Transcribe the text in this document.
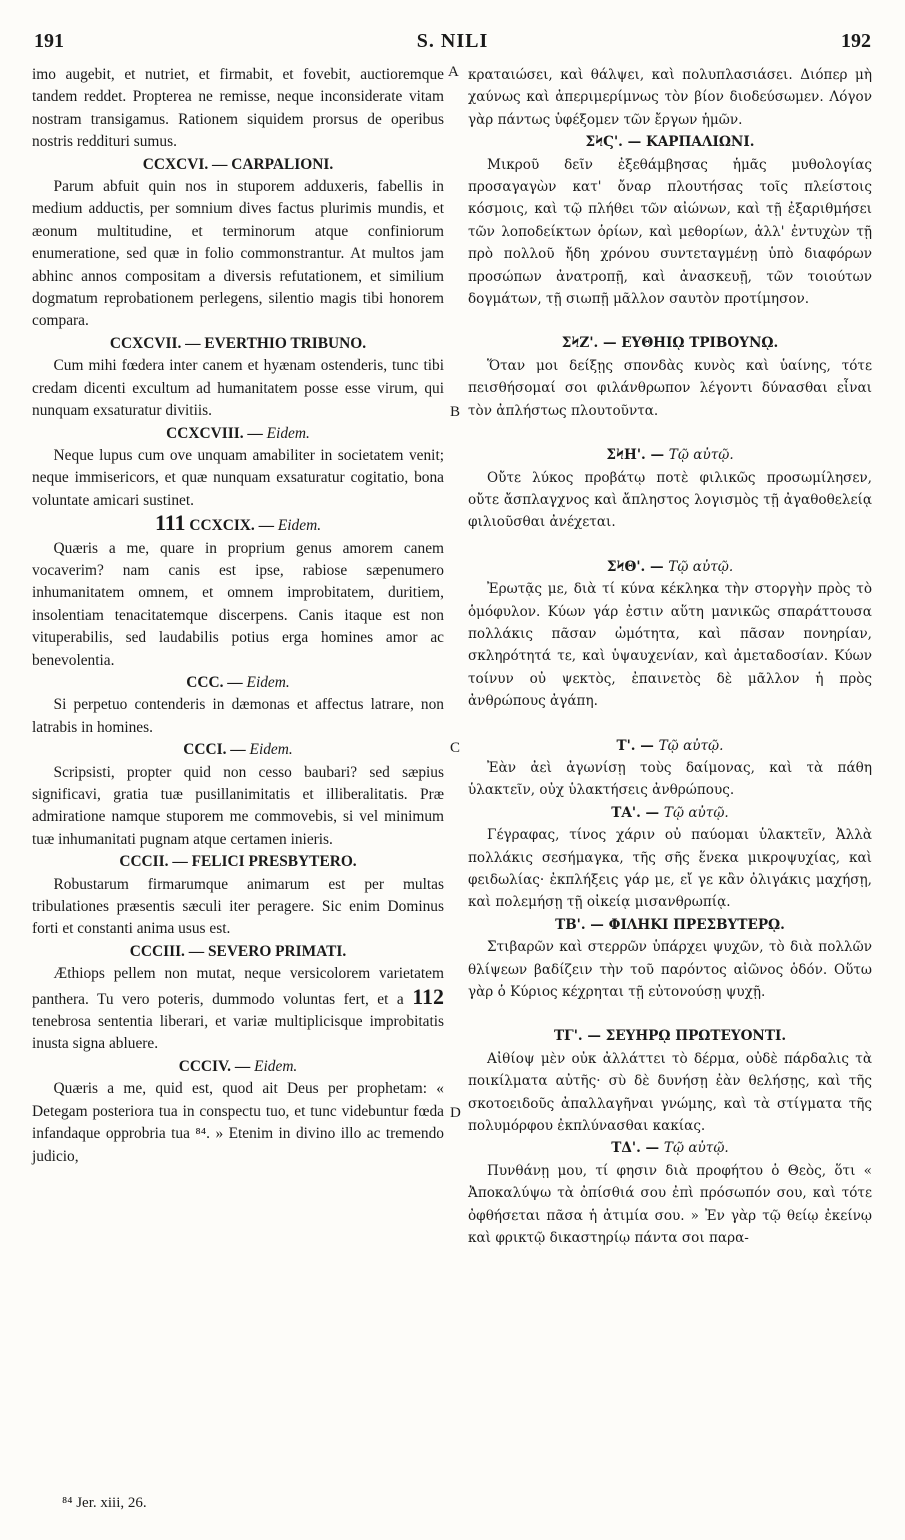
191	S. NILI	192

imo augebit, et nutriet, et firmabit, et fovebit, auctioremque tandem reddet. Propterea ne remisse, neque inconsiderate vitam nostram transigamus. Rationem siquidem prorsus de operibus nostris reddituri sumus.

CCXCVI. — CARPALIONI.

Parum abfuit quin nos in stuporem adduxeris, fabellis in medium adductis, per somnium dives factus plurimis mundis, et æonum multitudine, et terminorum atque confiniorum enumeratione, sed quæ in folio commonstrantur. At multos jam abhinc annos compositam a diversis refutationem, et similium dogmatum reprobationem perlegens, silentio magis tibi honorem compara.

CCXCVII. — EVERTHIO TRIBUNO.

Cum mihi fœdera inter canem et hyænam ostenderis, tunc tibi credam dicenti excultum ad humanitatem posse esse virum, qui nunquam exsaturatur divitiis.

CCXCVIII. — Eidem.

Neque lupus cum ove unquam amabiliter in societatem venit; neque immisericors, et quæ nunquam exsaturatur cogitatio, bona voluntate amicari sustinet.

111 CCXCIX. — Eidem.

Quæris a me, quare in proprium genus amorem canem vocaverim? nam canis est ipse, rabiose sæpenumero inhumanitatem omnem, et omnem improbitatem, duritiem, insolentiam tenacitatemque discerpens. Canis itaque est non vituperabilis, sed laudabilis potius erga homines amor ac benevolentia.

CCC. — Eidem.

Si perpetuo contenderis in dæmonas et affectus latrare, non latrabis in homines.

CCCI. — Eidem.

Scripsisti, propter quid non cesso baubari? sed sæpius significavi, gratia tuæ pusillanimitatis et illiberalitatis. Præ admiratione namque stuporem me commovebis, si vel minimum tuæ inhumanitati pugnam atque certamen inieris.

CCCII. — FELICI PRESBYTERO.

Robustarum firmarumque animarum est per multas tribulationes præsentis sæculi iter peragere. Sic enim Dominus forti et constanti anima usus est.

CCCIII. — SEVERO PRIMATI.

Æthiops pellem non mutat, neque versicolorem varietatem panthera. Tu vero poteris, dummodo voluntas fert, et a 112 tenebrosa sententia liberari, et variæ multiplicisque improbitatis inusta signa abluere.

CCCIV. — Eidem.

Quæris a me, quid est, quod ait Deus per prophetam: « Detegam posteriora tua in conspectu tuo, et tunc videbuntur fœda infandaque opprobria tua ⁸⁴. » Etenim in divino illo ac tremendo judicio,

κραταιώσει, καὶ θάλψει, καὶ πολυπλασιάσει. Διόπερ μὴ χαύνως καὶ ἀπεριμερίμνως τὸν βίον διοδεύσωμεν. Λόγον γὰρ πάντως ὑφέξομεν τῶν ἔργων ἡμῶν.

ΣϞϚ'. — ΚΑΡΠΑΛΙΩΝΙ.

Μικροῦ δεῖν ἐξεθάμβησας ἡμᾶς μυθολογίας προσαγαγὼν κατ' ὄναρ πλουτήσας τοῖς πλείστοις κόσμοις, καὶ τῷ πλήθει τῶν αἰώνων, καὶ τῇ ἐξαριθμήσει τῶν λοποδείκτων ὁρίων, καὶ μεθορίων, ἀλλ' ἐντυχὼν τῇ πρὸ πολλοῦ ἤδη χρόνου συντεταγμένῃ ὑπὸ διαφόρων προσώπων ἀνατροπῇ, καὶ ἀνασκευῇ, τῶν τοιούτων δογμάτων, τῇ σιωπῇ μᾶλλον σαυτὸν προτίμησον.

ΣϞΖ'. — ΕΥΘΗΙῼ ΤΡΙΒΟΥΝῼ.

Ὅταν μοι δείξῃς σπονδὰς κυνὸς καὶ ὑαίνης, τότε πεισθήσομαί σοι φιλάνθρωπον λέγοντι δύνασθαι εἶναι τὸν ἀπλήστως πλουτοῦντα.

ΣϞΗ'. — Τῷ αὐτῷ.

Οὔτε λύκος προβάτῳ ποτὲ φιλικῶς προσωμίλησεν, οὔτε ἄσπλαγχνος καὶ ἄπληστος λογισμὸς τῇ ἀγαθοθελείᾳ φιλιοῦσθαι ἀνέχεται.

ΣϞΘ'. — Τῷ αὐτῷ.

Ἐρωτᾷς με, διὰ τί κύνα κέκληκα τὴν στοργὴν πρὸς τὸ ὁμόφυλον. Κύων γάρ ἐστιν αὕτη μανικῶς σπαράττουσα πολλάκις πᾶσαν ὠμότητα, καὶ πᾶσαν πονηρίαν, σκληρότητά τε, καὶ ὑψαυχενίαν, καὶ ἀμεταδοσίαν. Κύων τοίνυν οὐ ψεκτὸς, ἐπαινετὸς δὲ μᾶλλον ἡ πρὸς ἀνθρώπους ἀγάπη.

Τ'. — Τῷ αὐτῷ.

Ἐὰν ἀεὶ ἀγωνίσῃ τοὺς δαίμονας, καὶ τὰ πάθη ὑλακτεῖν, οὐχ ὑλακτήσεις ἀνθρώπους.

ΤΑ'. — Τῷ αὐτῷ.

Γέγραφας, τίνος χάριν οὐ παύομαι ὑλακτεῖν, Ἀλλὰ πολλάκις σεσήμαγκα, τῆς σῆς ἕνεκα μικροψυχίας, καὶ φειδωλίας· ἐκπλήξεις γάρ με, εἴ γε κἂν ὀλιγάκις μαχήσῃ, καὶ πολεμήσῃ τῇ οἰκείᾳ μισανθρωπίᾳ.

ΤΒ'. — ΦΙΛΗΚΙ ΠΡΕΣΒΥΤΕΡῼ.

Στιβαρῶν καὶ στερρῶν ὑπάρχει ψυχῶν, τὸ διὰ πολλῶν θλίψεων βαδίζειν τὴν τοῦ παρόντος αἰῶνος ὁδόν. Οὕτω γὰρ ὁ Κύριος κέχρηται τῇ εὐτονούσῃ ψυχῇ.

ΤΓ'. — ΣΕΥΗΡῼ ΠΡΩΤΕΥΟΝΤΙ.

Αἰθίοψ μὲν οὐκ ἀλλάττει τὸ δέρμα, οὐδὲ πάρδαλις τὰ ποικίλματα αὐτῆς· σὺ δὲ δυνήσῃ ἐὰν θελήσῃς, καὶ τῆς σκοτοειδοῦς ἀπαλλαγῆναι γνώμης, καὶ τὰ στίγματα τῆς πολυμόρφου ἐκπλύνασθαι κακίας.

ΤΔ'. — Τῷ αὐτῷ.

Πυνθάνῃ μου, τί φησιν διὰ προφήτου ὁ Θεὸς, ὅτι « Ἀποκαλύψω τὰ ὀπίσθιά σου ἐπὶ πρόσωπόν σου, καὶ τότε ὀφθήσεται πᾶσα ἡ ἀτιμία σου. » Ἐν γὰρ τῷ θείῳ ἐκείνῳ καὶ φρικτῷ δικαστηρίῳ πάντα σοι παρα-

A
B
C
D
⁸⁴ Jer. xiii, 26.
